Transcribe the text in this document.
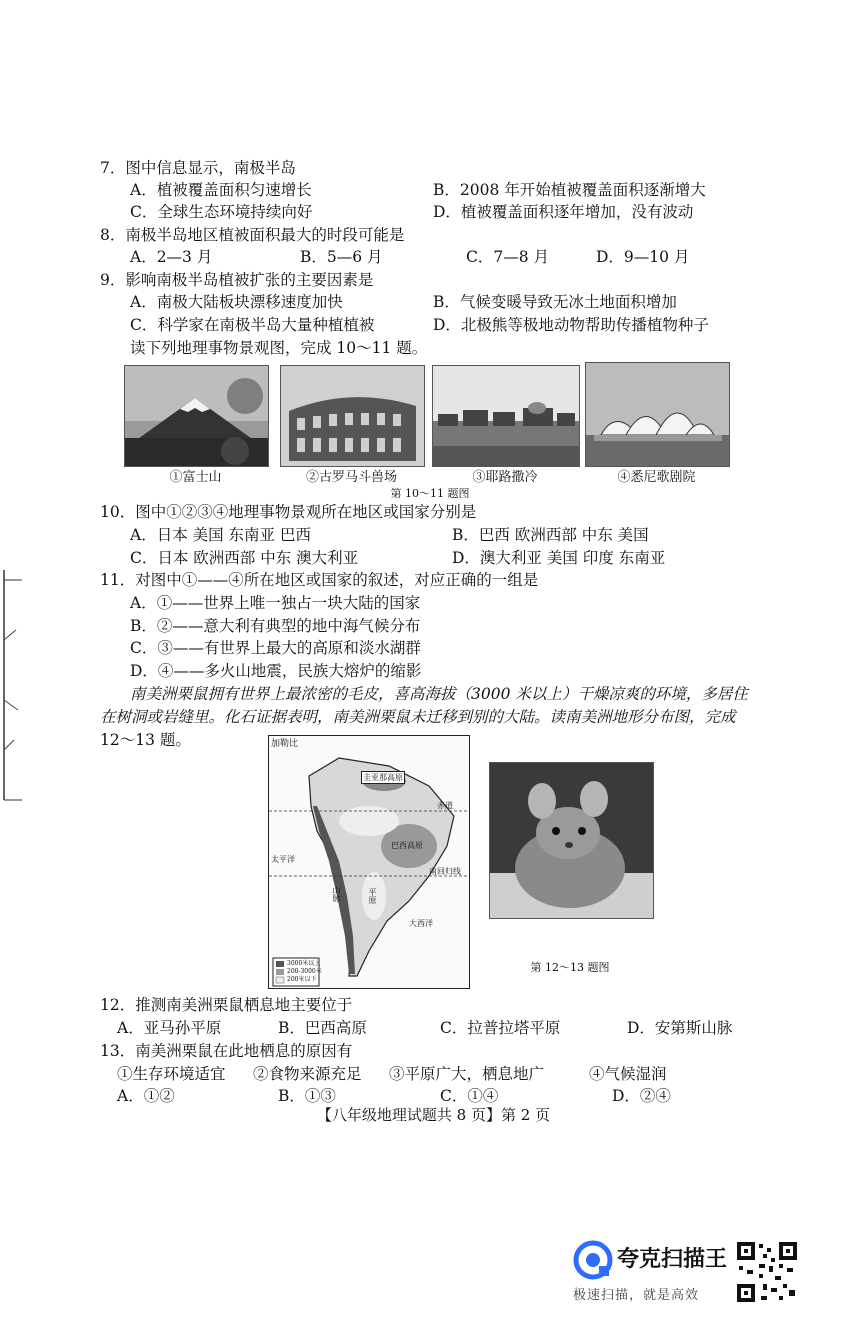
7．图中信息显示，南极半岛
A．植被覆盖面积匀速增长	B．2008 年开始植被覆盖面积逐渐增大
C．全球生态环境持续向好	D．植被覆盖面积逐年增加，没有波动
8．南极半岛地区植被面积最大的时段可能是
A．2—3 月	B．5—6 月	C．7—8 月	D．9—10 月
9．影响南极半岛植被扩张的主要因素是
A．南极大陆板块漂移速度加快	B．气候变暖导致无冰土地面积增加
C．科学家在南极半岛大量种植植被	D．北极熊等极地动物帮助传播植物种子
读下列地理事物景观图，完成 10～11 题。
①富士山	②古罗马斗兽场	③耶路撒冷	④悉尼歌剧院
第 10～11 题图
10．图中①②③④地理事物景观所在地区或国家分别是
A．日本 美国 东南亚 巴西	B．巴西 欧洲西部 中东 美国
C．日本 欧洲西部 中东 澳大利亚	D．澳大利亚 美国 印度 东南亚
11．对图中①——④所在地区或国家的叙述，对应正确的一组是
A．①——世界上唯一独占一块大陆的国家
B．②——意大利有典型的地中海气候分布
C．③——有世界上最大的高原和淡水湖群
D．④——多火山地震，民族大熔炉的缩影
南美洲栗鼠拥有世界上最浓密的毛皮，喜高海拔（3000 米以上）干燥凉爽的环境，多居住
在树洞或岩缝里。化石证据表明，南美洲栗鼠未迁移到别的大陆。读南美洲地形分布图，完成
12～13 题。	加勒比
圭亚那高原
赤道
巴西高原
太平洋
南回归线
大西洋
山脉	平原
3000米以上
200-3000米
200米以下
第 12～13 题图
12．推测南美洲栗鼠栖息地主要位于
A．亚马孙平原	B．巴西高原	C．拉普拉塔平原	D．安第斯山脉
13．南美洲栗鼠在此地栖息的原因有
①生存环境适宜 ②食物来源充足 ③平原广大，栖息地广	④气候湿润
A．①②	B．①③	C．①④	D．②④
【八年级地理试题共 8 页】第 2 页
夸克扫描王
极速扫描，就是高效
